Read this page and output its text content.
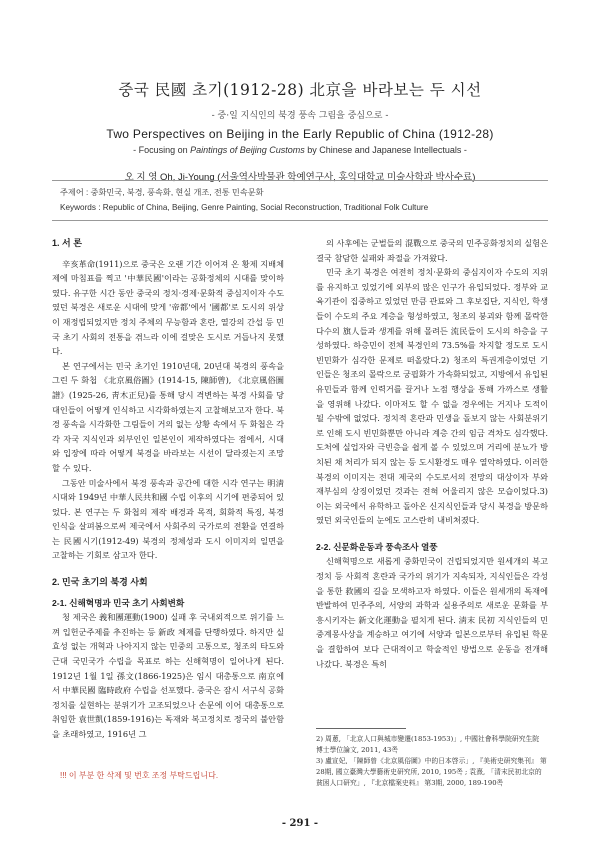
중국 民國 초기(1912-28) 北京을 바라보는 두 시선
- 중·일 지식인의 북경 풍속 그림을 중심으로 -
Two Perspectives on Beijing in the Early Republic of China (1912-28)
- Focusing on Paintings of Beijing Customs by Chinese and Japanese Intellectuals -
오 지 영 Oh, Ji-Young (서울역사박물관 학예연구사, 홍익대학교 미술사학과 박사수료)
주제어 : 중화민국, 북경, 풍속화, 현실 개조, 전통 민속문화
Keywords : Republic of China, Beijing, Genre Painting, Social Reconstruction, Traditional Folk Culture
1. 서 론

辛亥革命(1911)으로 중국은 오랜 기간 이어져 온 황제 지배체제에 마침표를 찍고 '中華民國'이라는 공화정체의 시대를 맞이하였다. 유구한 시간 동안 중국의 정치·경제·문화적 중심지이자 수도였던 북경은 새로운 시대에 맞게 '帝都'에서 '國都'로 도시의 위상이 재정립되었지만 정치 주체의 무능함과 혼란, 열강의 간섭 등 민국 초기 사회의 전통을 겪느라 이에 걸맞은 도시로 거듭나지 못했다.

본 연구에서는 민국 초기인 1910년대, 20년대 북경의 풍속을 그린 두 화첩 《北京風俗圖》(1914-15, 陳師曾), 《北京風俗圖譜》(1925-26, 靑木正兒)를 통해 당시 격변하는 북경 사회를 당대인들이 어떻게 인식하고 시각화하였는지 고찰해보고자 한다. 북경 풍속을 시각화한 그림들이 거의 없는 상황 속에서 두 화첩은 각각 자국 지식인과 외부인인 일본인이 제작하였다는 점에서, 시대와 입장에 따라 어떻게 북경을 바라보는 시선이 달라졌는지 조망할 수 있다.

그동안 미술사에서 북경 풍속과 공간에 대한 시각 연구는 明淸시대와 1949년 中華人民共和國 수립 이후의 시기에 편중되어 있었다. 본 연구는 두 화첩의 제작 배경과 목적, 회화적 특징, 북경 인식을 살펴봄으로써 제국에서 사회주의 국가로의 전환을 연결하는 民國시기(1912-49) 북경의 정체성과 도시 이미지의 일면을 고찰하는 기회로 삼고자 한다.

2. 민국 초기의 북경 사회
2-1. 신해혁명과 민국 초기 사회변화

청 제국은 義和團運動(1900) 실패 후 국내외적으로 위기를 느껴 입헌군주제를 추진하는 등 新政 체제를 단행하였다. 하지만 실효성 없는 개혁과 나아지지 않는 민중의 고통으로, 청조의 타도와 근대 국민국가 수립을 목표로 하는 신해혁명이 일어나게 된다. 1912년 1월 1일 孫文(1866-1925)은 임시 대총통으로 南京에서 中華民國 臨時政府 수립을 선포했다. 중국은 잠시 서구식 공화정치를 실현하는 분위기가 고조되었으나 손문에 이어 대총통으로 취임한 袁世凱(1859-1916)는 독재와 복고정치로 정국의 불안함을 초래하였고, 1916년 그

의 사후에는 군벌들의 混戰으로 중국의 민주공화정치의 실험은 결국 참담한 실패와 좌절을 가져왔다.

민국 초기 북경은 여전히 정치·문화의 중심지이자 수도의 지위를 유지하고 있었기에 외부의 많은 인구가 유입되었다. 정부와 교육기관이 집중하고 있었던 만큼 관료와 그 후보집단, 지식인, 학생들이 수도의 주요 계층을 형성하였고, 청조의 붕괴와 함께 몰락한 다수의 旗人들과 생계를 위해 몰려든 流民들이 도시의 하층을 구성하였다. 하층민이 전체 북경인의 73.5%를 차지할 정도로 도시 빈민화가 심각한 문제로 떠올랐다.2) 청조의 특권계층이었던 기인들은 청조의 몰락으로 궁핍화가 가속화되었고, 지방에서 유입된 유민들과 함께 인력거를 끌거나 노점 행상을 통해 가까스로 생활을 영위해 나갔다. 이마저도 할 수 없을 경우에는 거지나 도적이 될 수밖에 없었다. 정치적 혼란과 민생을 돌보지 않는 사회분위기로 인해 도시 빈민화뿐만 아니라 계층 간의 임금 격차도 심각했다. 도처에 실업자와 극빈층을 쉽게 볼 수 있었으며 거리에 분뇨가 방치된 채 처리가 되지 않는 등 도시환경도 매우 열악하였다. 이러한 북경의 이미지는 전대 제국의 수도로서의 전망의 대상이자 부와 재부심의 상징이었던 것과는 전혀 어울리지 않은 모습이었다.3) 이는 외국에서 유학하고 돌아온 신지식인들과 당시 북경을 방문하였던 외국인들의 눈에도 고스란히 내비쳐졌다.

2-2. 신문화운동과 풍속조사 열풍

신해혁명으로 새롭게 중화민국이 건립되었지만 원세개의 복고정치 등 사회적 혼란과 국가의 위기가 지속되자, 지식인들은 각성을 통한 救國의 길을 모색하고자 하였다. 이들은 원세개의 독재에 반발하여 민주주의, 서양의 과학과 실용주의로 새로운 문화를 부흥시키자는 新文化運動을 펼치게 된다. 淸末 民初 지식인들의 민중계몽사상을 계승하고 여기에 서양과 일본으로부터 유입된 학문을 결합하여 보다 근대적이고 학술적인 방법으로 운동을 전개해 나갔다. 북경은 특히

2) 周蔥, 「北京人口與城市變遷(1853-1953)」, 中國社會科學院研究生院 博士學位論文, 2011, 43쪽

3) 盧宣妃, 「陳師曾《北京風俗圖》中的日本啓示」, 『美術史研究集刊』 第28期, 國立臺灣大學藝術史研究所, 2010, 195쪽 ; 袁熹, 「清末民初北京的貧困人口研究」, 『北京檔案史料』 第3期, 2000, 189-190쪽

!!! 이 부분 한 삭제 및 번호 조정 부탁드립니다.
- 291 -
